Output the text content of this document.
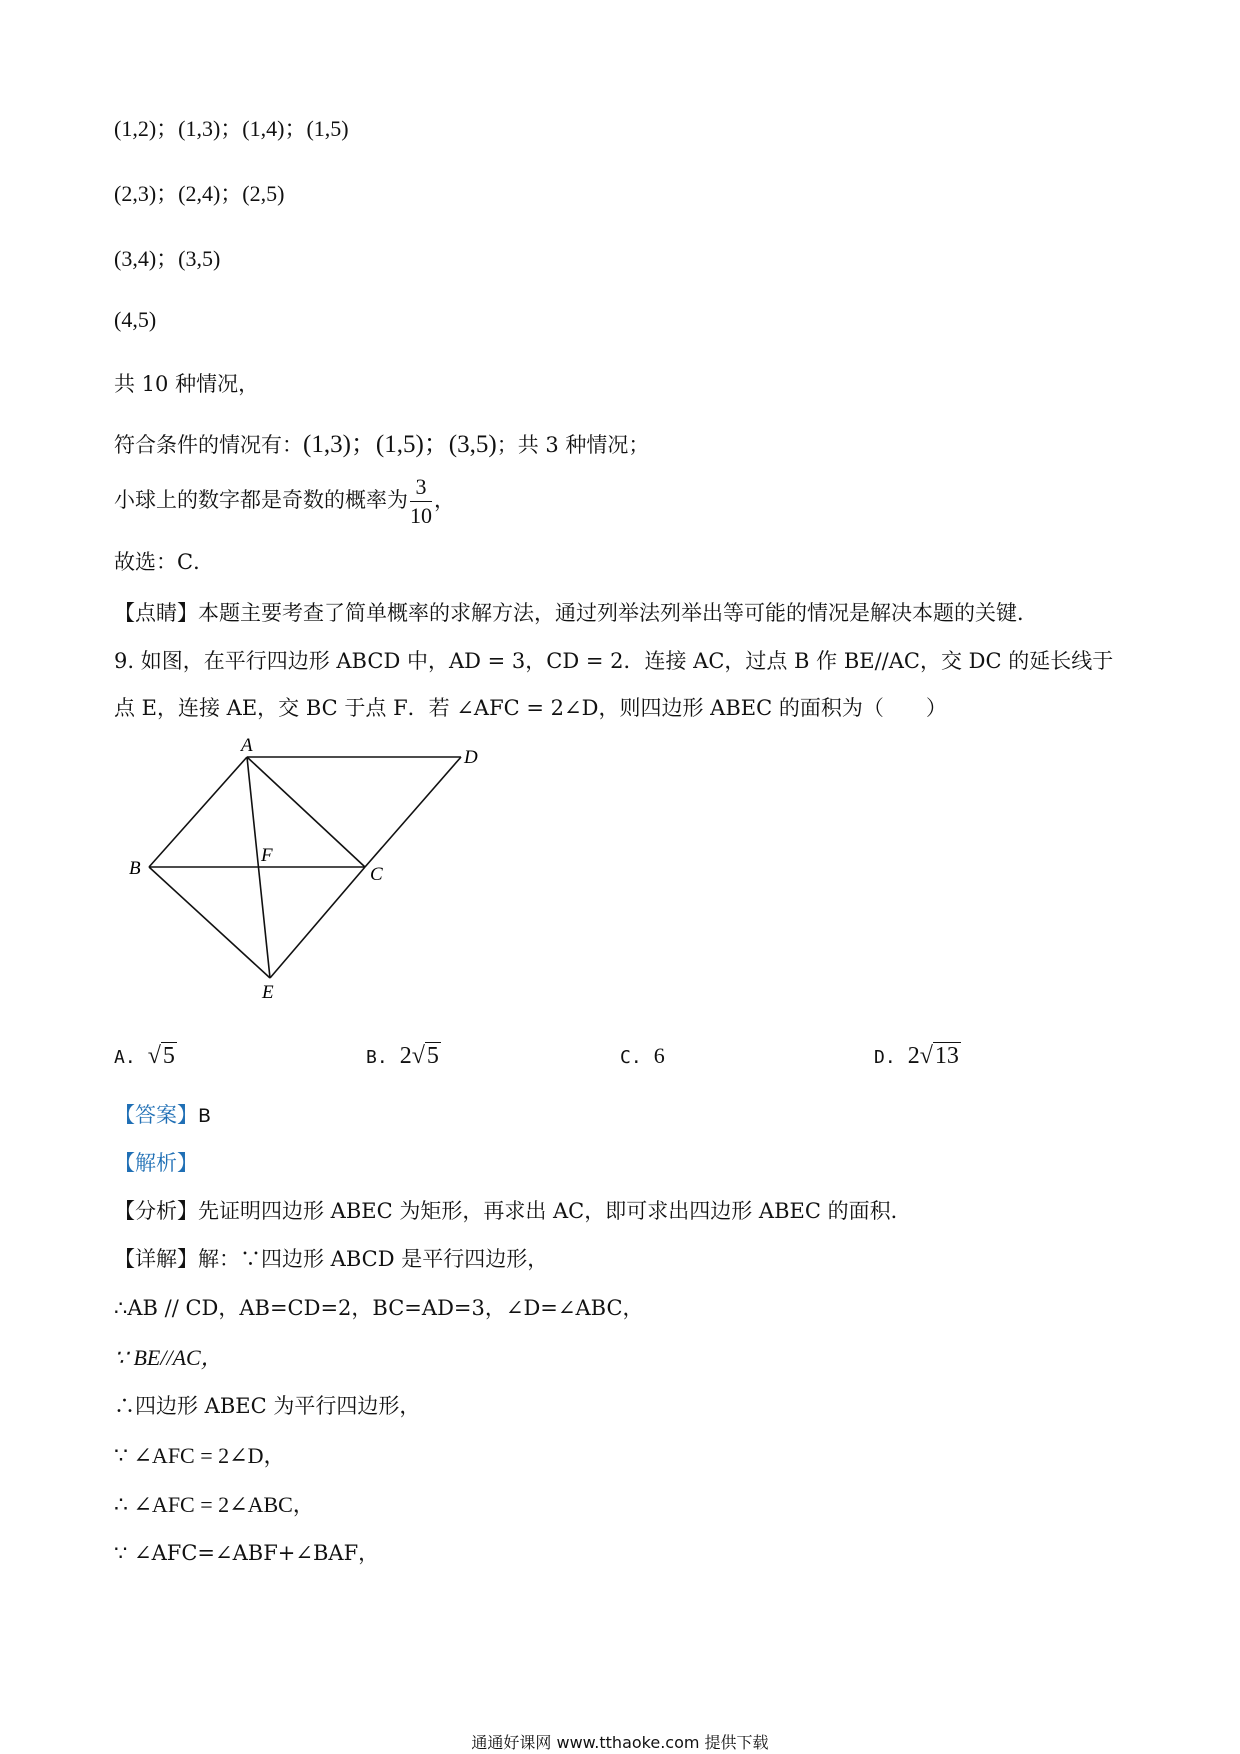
(1,2)；(1,3)；(1,4)；(1,5)
(2,3)；(2,4)；(2,5)
(3,4)；(3,5)
(4,5)
共 10 种情况，
符合条件的情况有：(1,3)；(1,5)；(3,5)；共 3 种情况；
小球上的数字都是奇数的概率为 $\frac{3}{10}$ ，
故选：C．
【点睛】本题主要考查了简单概率的求解方法，通过列举法列举出等可能的情况是解决本题的关键．
9. 如图，在平行四边形 ABCD 中，AD = 3，CD = 2．连接 AC，过点 B 作 BE//AC，交 DC 的延长线于
点 E，连接 AE，交 BC 于点 F．若 ∠AFC = 2∠D，则四边形 ABEC 的面积为（　　）
A
D
B	C
F
E
A. √5	B. 2√5	C. 6	D. 2√13
【答案】B
【解析】
【分析】先证明四边形 ABEC 为矩形，再求出 AC，即可求出四边形 ABEC 的面积．
【详解】解：∵四边形 ABCD 是平行四边形，
∴AB // CD，AB=CD=2，BC=AD=3，∠D=∠ABC，
∵ BE//AC，
∴四边形 ABEC 为平行四边形，
∵ ∠AFC = 2∠D，
∴ ∠AFC = 2∠ABC，
∵ ∠AFC=∠ABF+∠BAF，
通通好课网 www.tthaoke.com 提供下载
